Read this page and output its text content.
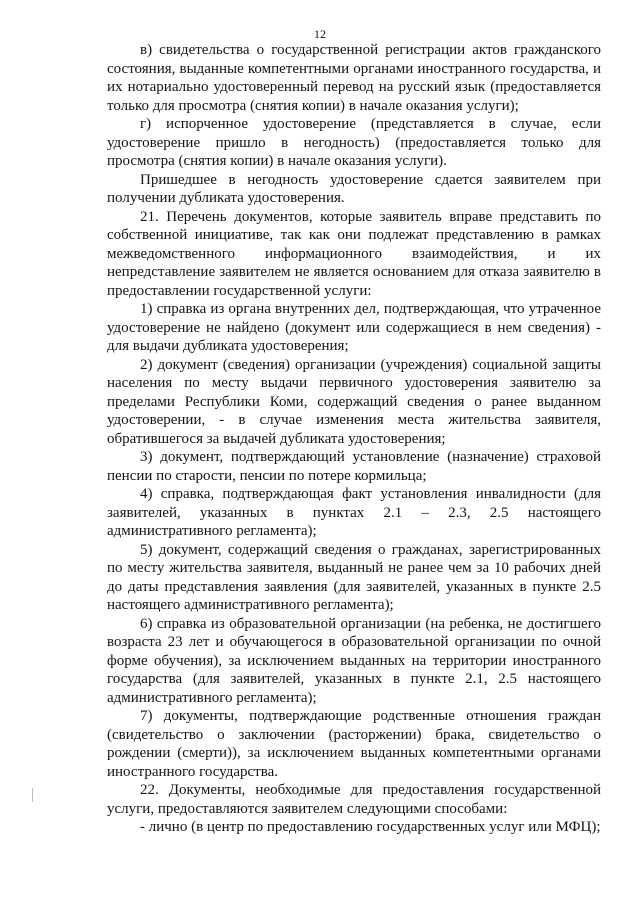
12

в) свидетельства о государственной регистрации актов гражданского состояния, выданные компетентными органами иностранного государства, и их нотариально удостоверенный перевод на русский язык (предоставляется только для просмотра (снятия копии) в начале оказания услуги);

г) испорченное удостоверение (представляется в случае, если удостоверение пришло в негодность) (предоставляется только для просмотра (снятия копии) в начале оказания услуги).

Пришедшее в негодность удостоверение сдается заявителем при получении дубликата удостоверения.

21. Перечень документов, которые заявитель вправе представить по собственной инициативе, так как они подлежат представлению в рамках межведомственного информационного взаимодействия, и их непредставление заявителем не является основанием для отказа заявителю в предоставлении государственной услуги:

1) справка из органа внутренних дел, подтверждающая, что утраченное удостоверение не найдено (документ или содержащиеся в нем сведения) - для выдачи дубликата удостоверения;

2) документ (сведения) организации (учреждения) социальной защиты населения по месту выдачи первичного удостоверения заявителю за пределами Республики Коми, содержащий сведения о ранее выданном удостоверении, - в случае изменения места жительства заявителя, обратившегося за выдачей дубликата удостоверения;

3) документ, подтверждающий установление (назначение) страховой пенсии по старости, пенсии по потере кормильца;

4) справка, подтверждающая факт установления инвалидности (для заявителей, указанных в пунктах 2.1 – 2.3, 2.5 настоящего административного регламента);

5) документ, содержащий сведения о гражданах, зарегистрированных по месту жительства заявителя, выданный не ранее чем за 10 рабочих дней до даты представления заявления (для заявителей, указанных в пункте 2.5 настоящего административного регламента);

6) справка из образовательной организации (на ребенка, не достигшего возраста 23 лет и обучающегося в образовательной организации по очной форме обучения), за исключением выданных на территории иностранного государства (для заявителей, указанных в пункте 2.1, 2.5 настоящего административного регламента);

7) документы, подтверждающие родственные отношения граждан (свидетельство о заключении (расторжении) брака, свидетельство о рождении (смерти)), за исключением выданных компетентными органами иностранного государства.

22. Документы, необходимые для предоставления государственной услуги, предоставляются заявителем следующими способами:

- лично (в центр по предоставлению государственных услуг или МФЦ);
